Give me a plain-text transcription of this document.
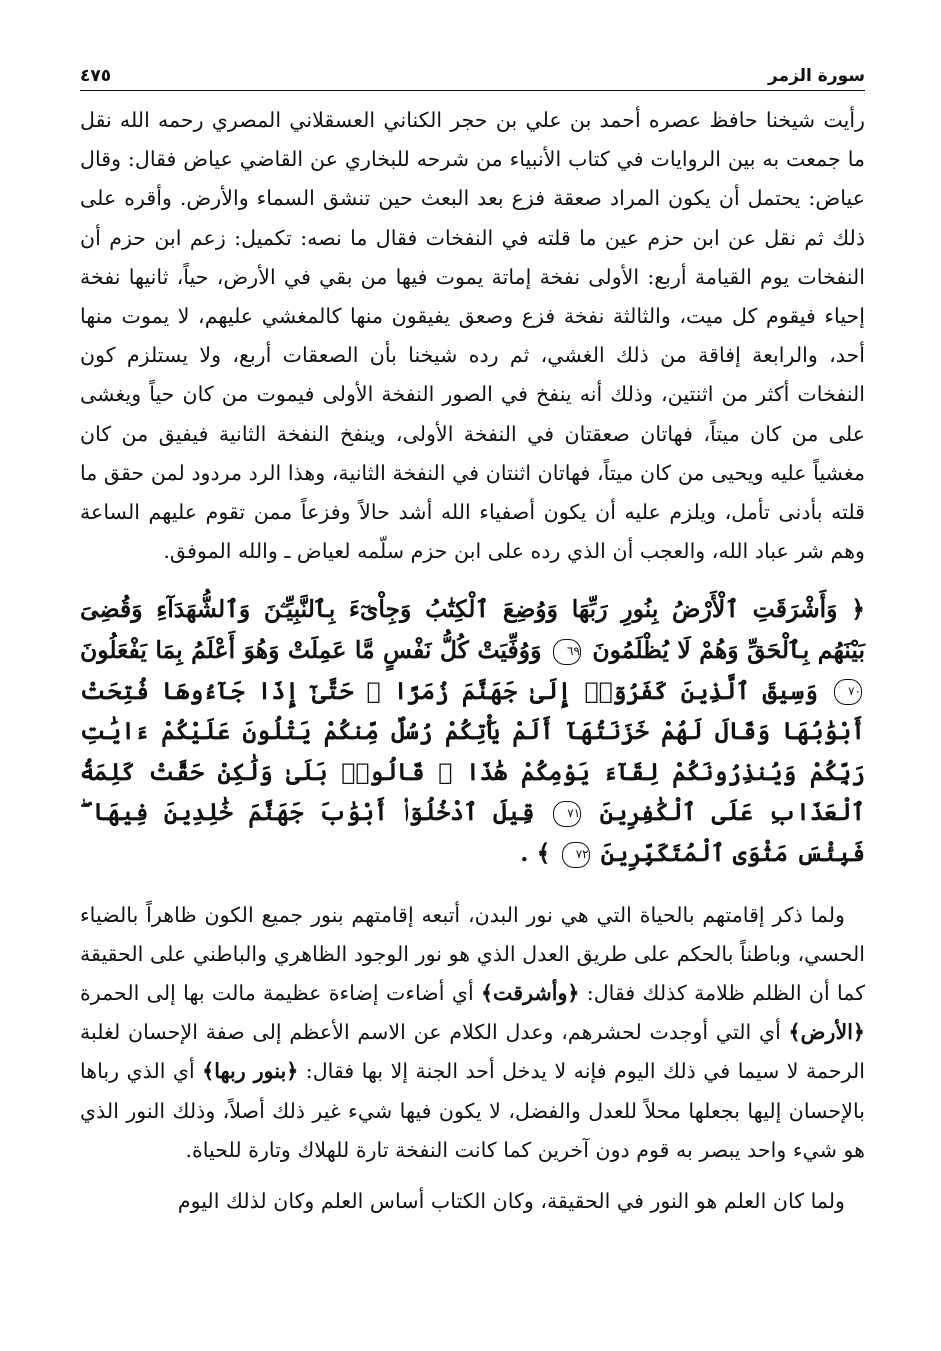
سورة الزمر
٤٧٥

رأيت شيخنا حافظ عصره أحمد بن علي بن حجر الكناني العسقلاني المصري رحمه الله نقل ما جمعت به بين الروايات في كتاب الأنبياء من شرحه للبخاري عن القاضي عياض فقال: وقال عياض: يحتمل أن يكون المراد صعقة فزع بعد البعث حين تنشق السماء والأرض. وأقره على ذلك ثم نقل عن ابن حزم عين ما قلته في النفخات فقال ما نصه: تكميل: زعم ابن حزم أن النفخات يوم القيامة أربع: الأولى نفخة إماتة يموت فيها من بقي في الأرض، حياً، ثانيها نفخة إحياء فيقوم كل ميت، والثالثة نفخة فزع وصعق يفيقون منها كالمغشي عليهم، لا يموت منها أحد، والرابعة إفاقة من ذلك الغشي، ثم رده شيخنا بأن الصعقات أربع، ولا يستلزم كون النفخات أكثر من اثنتين، وذلك أنه ينفخ في الصور النفخة الأولى فيموت من كان حياً ويغشى على من كان ميتاً، فهاتان صعقتان في النفخة الأولى، وينفخ النفخة الثانية فيفيق من كان مغشياً عليه ويحيى من كان ميتاً، فهاتان اثنتان في النفخة الثانية، وهذا الرد مردود لمن حقق ما قلته بأدنى تأمل، ويلزم عليه أن يكون أصفياء الله أشد حالاً وفزعاً ممن تقوم عليهم الساعة وهم شر عباد الله، والعجب أن الذي رده على ابن حزم سلّمه لعياض ـ والله الموفق.

﴿ وَأَشْرَقَتِ ٱلْأَرْضُ بِنُورِ رَبِّهَا وَوُضِعَ ٱلْكِتَٰبُ وَجِاْىٓءَ بِٱلنَّبِيِّـۧنَ وَٱلشُّهَدَآءِ وَقُضِىَ بَيْنَهُم بِٱلْحَقِّ وَهُمْ لَا يُظْلَمُونَ ٦٩ وَوُفِّيَتْ كُلُّ نَفْسٍ مَّا عَمِلَتْ وَهُوَ أَعْلَمُ بِمَا يَفْعَلُونَ ٧٠ وَسِيقَ ٱلَّذِينَ كَفَرُوٓا۟ إِلَىٰ جَهَنَّمَ زُمَرًا ۖ حَتَّىٰٓ إِذَا جَآءُوهَا فُتِحَتْ أَبْوَٰبُهَا وَقَالَ لَهُمْ خَزَنَتُهَآ أَلَمْ يَأْتِكُمْ رُسُلٌ مِّنكُمْ يَتْلُونَ عَلَيْكُمْ ءَايَٰتِ رَبِّكُمْ وَيُنذِرُونَكُمْ لِقَآءَ يَوْمِكُمْ هَٰذَا ۚ قَالُوا۟ بَلَىٰ وَلَٰكِنْ حَقَّتْ كَلِمَةُ ٱلْعَذَابِ عَلَى ٱلْكَٰفِرِينَ ٧١ قِيلَ ٱدْخُلُوٓا۟ أَبْوَٰبَ جَهَنَّمَ خَٰلِدِينَ فِيهَا ۖ فَبِئْسَ مَثْوَى ٱلْمُتَكَبِّرِينَ ٧٢ ﴾ .

ولما ذكر إقامتهم بالحياة التي هي نور البدن، أتبعه إقامتهم بنور جميع الكون ظاهراً بالضياء الحسي، وباطناً بالحكم على طريق العدل الذي هو نور الوجود الظاهري والباطني على الحقيقة كما أن الظلم ظلامة كذلك فقال: ﴿وأشرقت﴾ أي أضاءت إضاءة عظيمة مالت بها إلى الحمرة ﴿الأرض﴾ أي التي أوجدت لحشرهم، وعدل الكلام عن الاسم الأعظم إلى صفة الإحسان لغلبة الرحمة لا سيما في ذلك اليوم فإنه لا يدخل أحد الجنة إلا بها فقال: ﴿بنور ربها﴾ أي الذي رباها بالإحسان إليها بجعلها محلاً للعدل والفضل، لا يكون فيها شيء غير ذلك أصلاً، وذلك النور الذي هو شيء واحد يبصر به قوم دون آخرين كما كانت النفخة تارة للهلاك وتارة للحياة.

ولما كان العلم هو النور في الحقيقة، وكان الكتاب أساس العلم وكان لذلك اليوم
